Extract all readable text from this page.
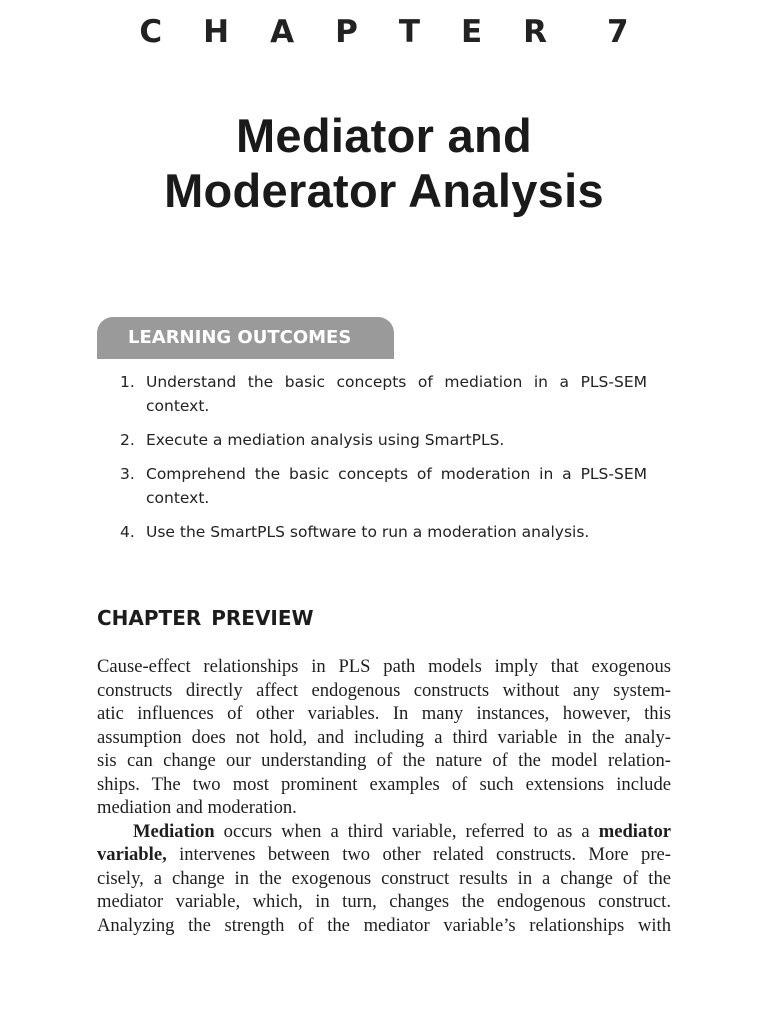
C H A P T E R 7
Mediator and
Moderator Analysis
LEARNING OUTCOMES
1. Understand the basic concepts of mediation in a PLS-SEM context.
2. Execute a mediation analysis using SmartPLS.
3. Comprehend the basic concepts of moderation in a PLS-SEM context.
4. Use the SmartPLS software to run a moderation analysis.
CHAPTER PREVIEW
Cause-effect relationships in PLS path models imply that exogenous
constructs directly affect endogenous constructs without any system-
atic influences of other variables. In many instances, however, this
assumption does not hold, and including a third variable in the analy-
sis can change our understanding of the nature of the model relation-
ships. The two most prominent examples of such extensions include
mediation and moderation.
Mediation occurs when a third variable, referred to as a mediator
variable, intervenes between two other related constructs. More pre-
cisely, a change in the exogenous construct results in a change of the
mediator variable, which, in turn, changes the endogenous construct.
Analyzing the strength of the mediator variable’s relationships with
